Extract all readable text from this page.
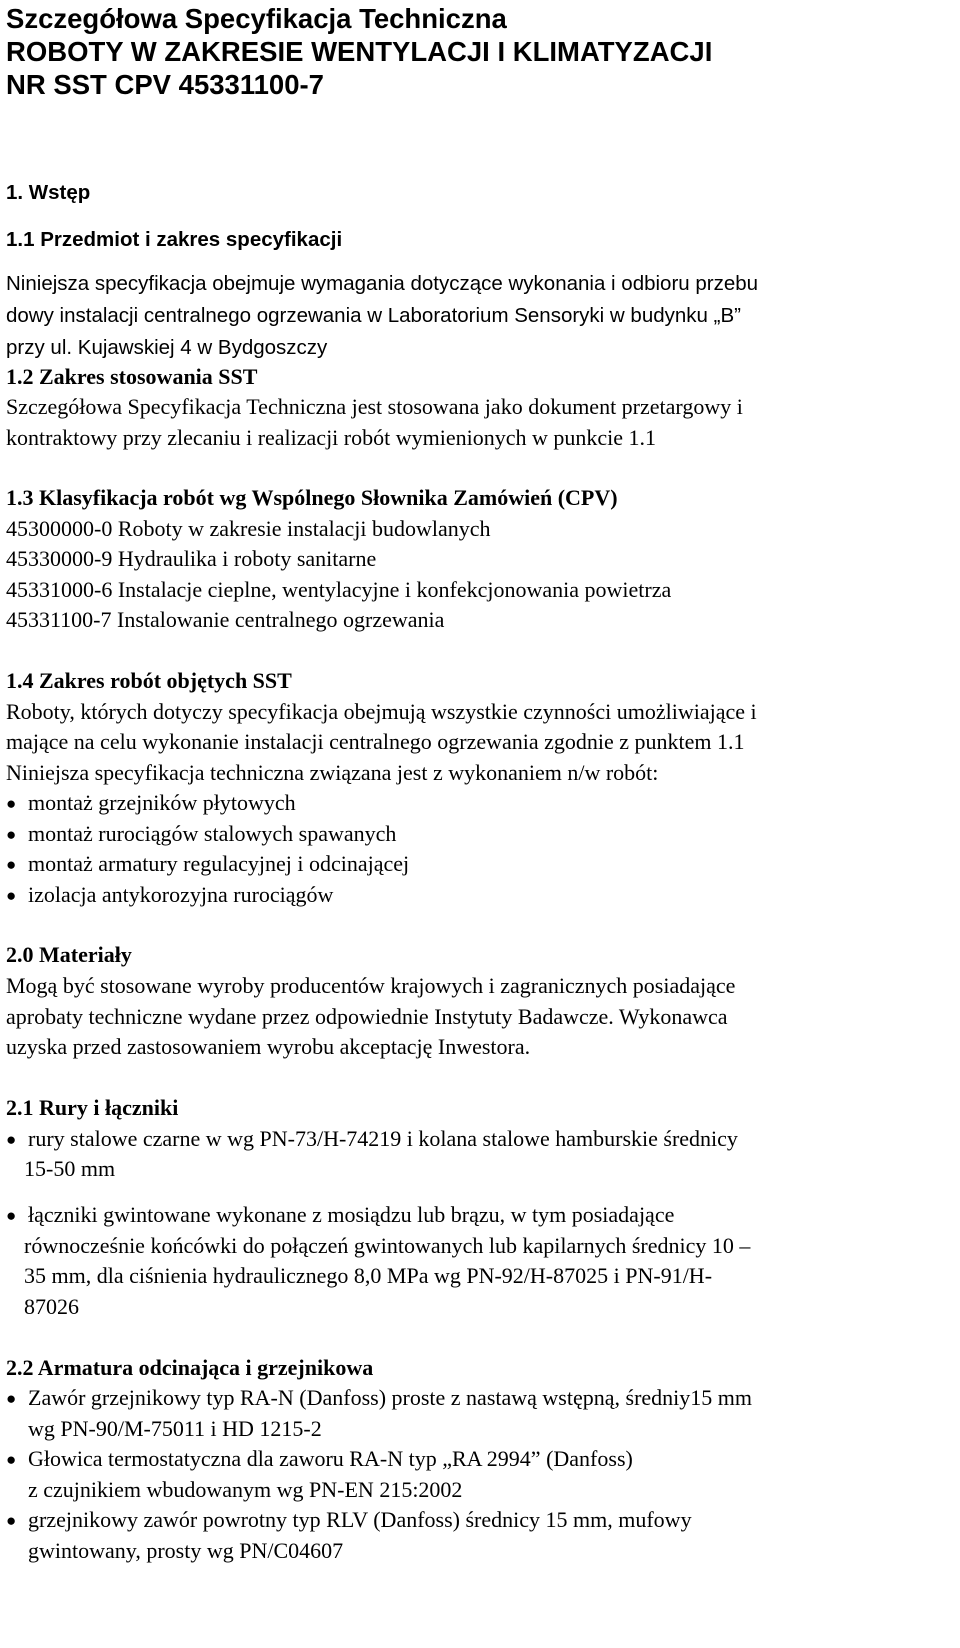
Szczegółowa Specyfikacja Techniczna
ROBOTY W ZAKRESIE WENTYLACJI I KLIMATYZACJI
NR SST CPV 45331100-7
1. Wstęp
1.1 Przedmiot i zakres specyfikacji
Niniejsza specyfikacja obejmuje wymagania dotyczące wykonania i odbioru przebu
dowy instalacji centralnego ogrzewania w Laboratorium Sensoryki w budynku „B”
przy ul. Kujawskiej 4 w Bydgoszczy
1.2 Zakres stosowania SST
Szczegółowa Specyfikacja Techniczna jest stosowana jako dokument przetargowy i
kontraktowy przy zlecaniu i realizacji robót wymienionych w punkcie 1.1
1.3 Klasyfikacja robót wg Wspólnego Słownika Zamówień (CPV)
45300000-0 Roboty w zakresie instalacji budowlanych
45330000-9 Hydraulika i roboty sanitarne
45331000-6 Instalacje cieplne, wentylacyjne i konfekcjonowania powietrza
45331100-7 Instalowanie centralnego ogrzewania
1.4 Zakres robót objętych SST
Roboty, których dotyczy specyfikacja obejmują wszystkie czynności umożliwiające i
mające na celu wykonanie instalacji centralnego ogrzewania zgodnie z punktem 1.1
Niniejsza specyfikacja techniczna związana jest z wykonaniem n/w robót:
● montaż grzejników płytowych
● montaż rurociągów stalowych spawanych
● montaż armatury regulacyjnej i odcinającej
● izolacja antykorozyjna rurociągów
2.0 Materiały
Mogą być stosowane wyroby producentów krajowych i zagranicznych posiadające
aprobaty techniczne wydane przez odpowiednie Instytuty Badawcze. Wykonawca
uzyska przed zastosowaniem wyrobu akceptację Inwestora.
2.1 Rury i łączniki
● rury stalowe czarne w wg PN-73/H-74219 i kolana stalowe hamburskie średnicy
15-50 mm
● łączniki gwintowane wykonane z mosiądzu lub brązu, w tym posiadające
równocześnie końcówki do połączeń gwintowanych lub kapilarnych średnicy 10 –
35 mm, dla ciśnienia hydraulicznego 8,0 MPa wg PN-92/H-87025 i PN-91/H-
87026
2.2 Armatura odcinająca i grzejnikowa
● Zawór grzejnikowy typ RA-N (Danfoss) proste z nastawą wstępną, średniy15 mm
wg PN-90/M-75011 i HD 1215-2
● Głowica termostatyczna dla zaworu RA-N typ „RA 2994” (Danfoss)
z czujnikiem wbudowanym wg PN-EN 215:2002
● grzejnikowy zawór powrotny typ RLV (Danfoss) średnicy 15 mm, mufowy
gwintowany, prosty wg PN/C04607
